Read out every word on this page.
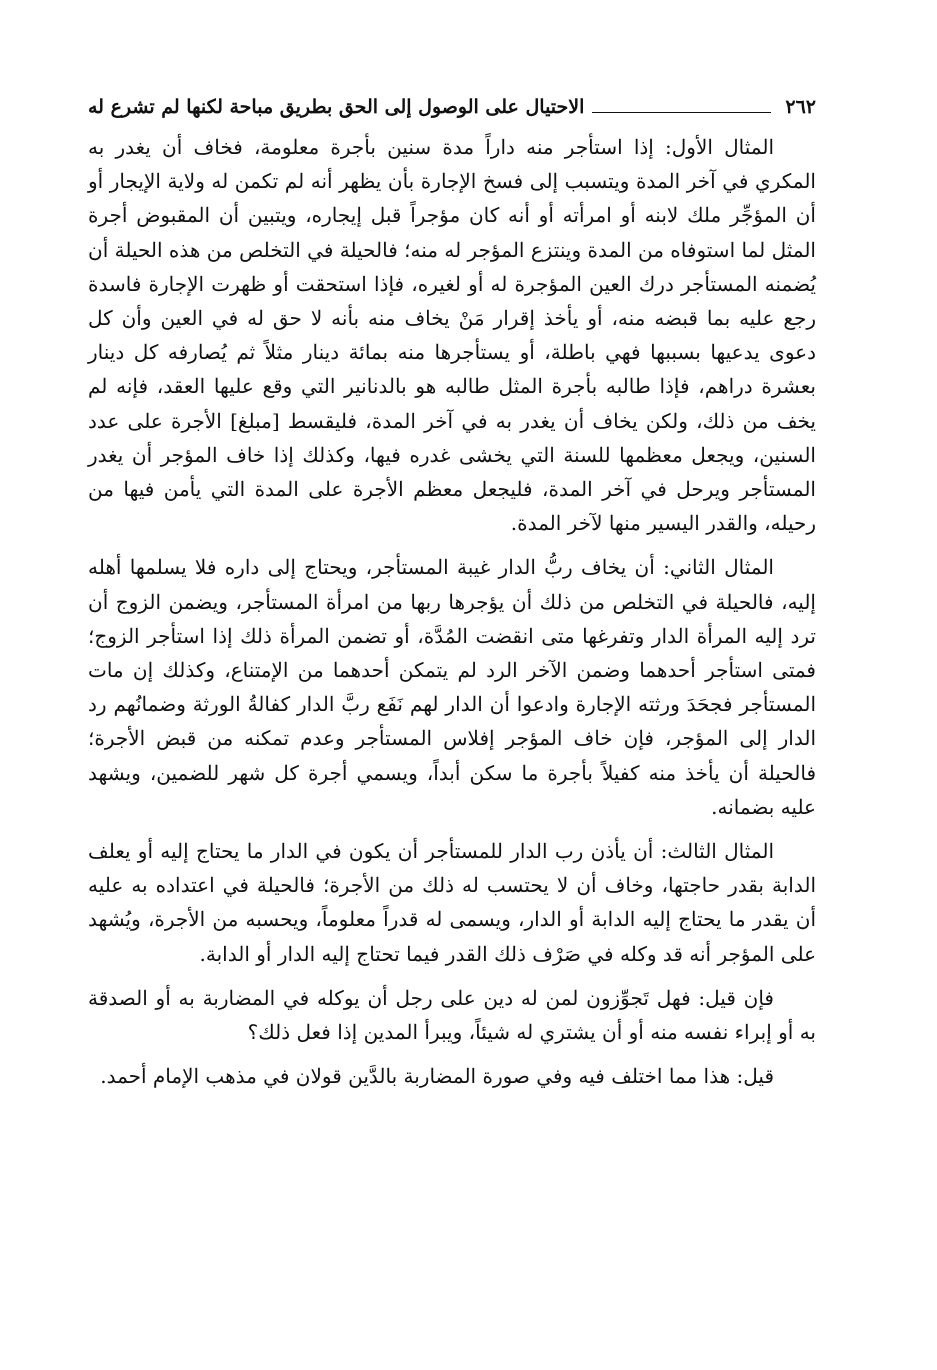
٢٦٢
الاحتيال على الوصول إلى الحق بطريق مباحة لكنها لم تشرع له

المثال الأول: إذا استأجر منه داراً مدة سنين بأجرة معلومة، فخاف أن يغدر به المكري في آخر المدة ويتسبب إلى فسخ الإجارة بأن يظهر أنه لم تكمن له ولاية الإيجار أو أن المؤجِّر ملك لابنه أو امرأته أو أنه كان مؤجراً قبل إيجاره، ويتبين أن المقبوض أجرة المثل لما استوفاه من المدة وينتزع المؤجر له منه؛ فالحيلة في التخلص من هذه الحيلة أن يُضمنه المستأجر درك العين المؤجرة له أو لغيره، فإذا استحقت أو ظهرت الإجارة فاسدة رجع عليه بما قبضه منه، أو يأخذ إقرار مَنْ يخاف منه بأنه لا حق له في العين وأن كل دعوى يدعيها بسببها فهي باطلة، أو يستأجرها منه بمائة دينار مثلاً ثم يُصارفه كل دينار بعشرة دراهم، فإذا طالبه بأجرة المثل طالبه هو بالدنانير التي وقع عليها العقد، فإنه لم يخف من ذلك، ولكن يخاف أن يغدر به في آخر المدة، فليقسط [مبلغ] الأجرة على عدد السنين، ويجعل معظمها للسنة التي يخشى غدره فيها، وكذلك إذا خاف المؤجر أن يغدر المستأجر ويرحل في آخر المدة، فليجعل معظم الأجرة على المدة التي يأمن فيها من رحيله، والقدر اليسير منها لآخر المدة.

المثال الثاني: أن يخاف ربُّ الدار غيبة المستأجر، ويحتاج إلى داره فلا يسلمها أهله إليه، فالحيلة في التخلص من ذلك أن يؤجرها ربها من امرأة المستأجر، ويضمن الزوج أن ترد إليه المرأة الدار وتفرغها متى انقضت المُدَّة، أو تضمن المرأة ذلك إذا استأجر الزوج؛ فمتى استأجر أحدهما وضمن الآخر الرد لم يتمكن أحدهما من الإمتناع، وكذلك إن مات المستأجر فجحَدَ ورثته الإجارة وادعوا أن الدار لهم نَفَع ربَّ الدار كفالةُ الورثة وضمانُهم رد الدار إلى المؤجر، فإن خاف المؤجر إفلاس المستأجر وعدم تمكنه من قبض الأجرة؛ فالحيلة أن يأخذ منه كفيلاً بأجرة ما سكن أبداً، ويسمي أجرة كل شهر للضمين، ويشهد عليه بضمانه.

المثال الثالث: أن يأذن رب الدار للمستأجر أن يكون في الدار ما يحتاج إليه أو يعلف الدابة بقدر حاجتها، وخاف أن لا يحتسب له ذلك من الأجرة؛ فالحيلة في اعتداده به عليه أن يقدر ما يحتاج إليه الدابة أو الدار، ويسمى له قدراً معلوماً، ويحسبه من الأجرة، ويُشهد على المؤجر أنه قد وكله في صَرْف ذلك القدر فيما تحتاج إليه الدار أو الدابة.

فإن قيل: فهل تَجوِّزون لمن له دين على رجل أن يوكله في المضاربة به أو الصدقة به أو إبراء نفسه منه أو أن يشتري له شيئاً، ويبرأ المدين إذا فعل ذلك؟

قيل: هذا مما اختلف فيه وفي صورة المضاربة بالدَّين قولان في مذهب الإمام أحمد.
